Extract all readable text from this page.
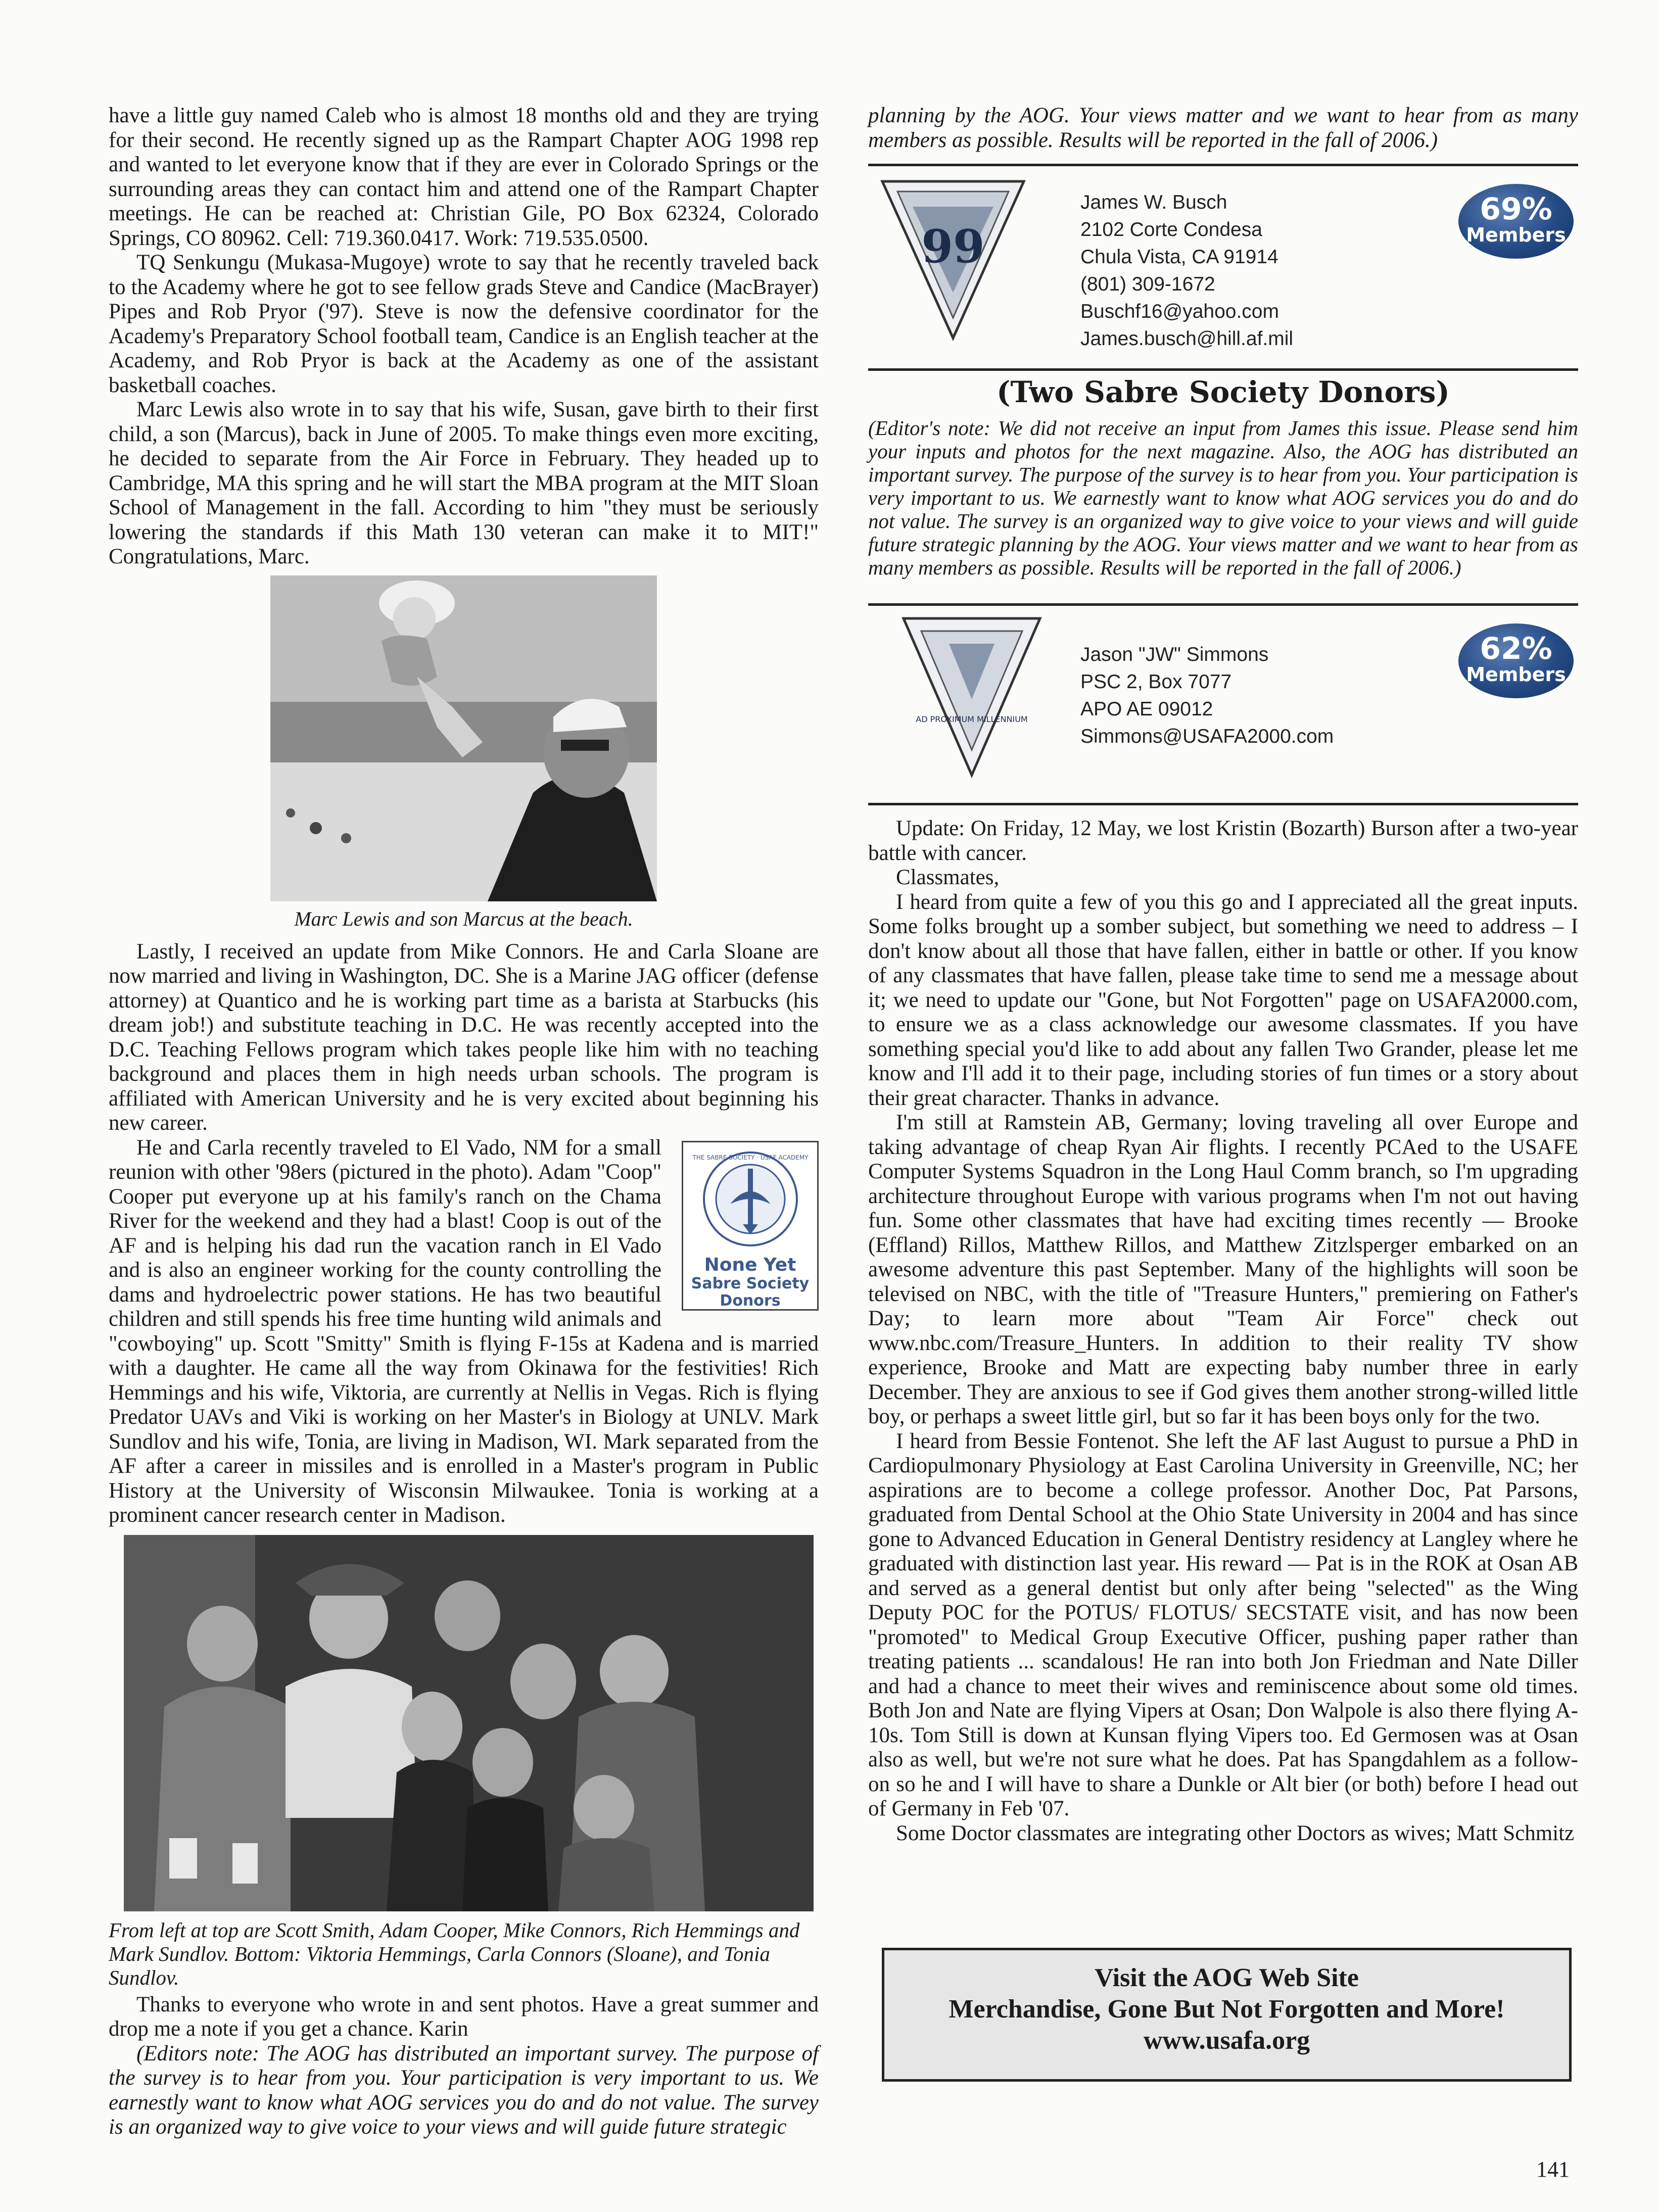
have a little guy named Caleb who is almost 18 months old and they are trying for their second. He recently signed up as the Rampart Chapter AOG 1998 rep and wanted to let everyone know that if they are ever in Colorado Springs or the surrounding areas they can contact him and attend one of the Rampart Chapter meetings. He can be reached at: Christian Gile, PO Box 62324, Colorado Springs, CO 80962. Cell: 719.360.0417. Work: 719.535.0500.

TQ Senkungu (Mukasa-Mugoye) wrote to say that he recently traveled back to the Academy where he got to see fellow grads Steve and Candice (MacBrayer) Pipes and Rob Pryor ('97). Steve is now the defensive coordinator for the Academy's Preparatory School football team, Candice is an English teacher at the Academy, and Rob Pryor is back at the Academy as one of the assistant basketball coaches.

Marc Lewis also wrote in to say that his wife, Susan, gave birth to their first child, a son (Marcus), back in June of 2005. To make things even more exciting, he decided to separate from the Air Force in February. They headed up to Cambridge, MA this spring and he will start the MBA program at the MIT Sloan School of Management in the fall. According to him "they must be seriously lowering the standards if this Math 130 veteran can make it to MIT!" Congratulations, Marc.

Marc Lewis and son Marcus at the beach.

Lastly, I received an update from Mike Connors. He and Carla Sloane are now married and living in Washington, DC. She is a Marine JAG officer (defense attorney) at Quantico and he is working part time as a barista at Starbucks (his dream job!) and substitute teaching in D.C. He was recently accepted into the D.C. Teaching Fellows program which takes people like him with no teaching background and places them in high needs urban schools. The program is affiliated with American University and he is very excited about beginning his new career.

THE SABRE SOCIETY · USAF ACADEMY
None Yet
Sabre Society
Donors

He and Carla recently traveled to El Vado, NM for a small reunion with other '98ers (pictured in the photo). Adam "Coop" Cooper put everyone up at his family's ranch on the Chama River for the weekend and they had a blast! Coop is out of the AF and is helping his dad run the vacation ranch in El Vado and is also an engineer working for the county controlling the dams and hydroelectric power stations. He has two beautiful children and still spends his free time hunting wild animals and "cowboying" up. Scott "Smitty" Smith is flying F-15s at Kadena and is married with a daughter. He came all the way from Okinawa for the festivities! Rich Hemmings and his wife, Viktoria, are currently at Nellis in Vegas. Rich is flying Predator UAVs and Viki is working on her Master's in Biology at UNLV. Mark Sundlov and his wife, Tonia, are living in Madison, WI. Mark separated from the AF after a career in missiles and is enrolled in a Master's program in Public History at the University of Wisconsin Milwaukee. Tonia is working at a prominent cancer research center in Madison.

From left at top are Scott Smith, Adam Cooper, Mike Connors, Rich Hemmings and Mark Sundlov. Bottom: Viktoria Hemmings, Carla Connors (Sloane), and Tonia Sundlov.

Thanks to everyone who wrote in and sent photos. Have a great summer and drop me a note if you get a chance. Karin

(Editors note: The AOG has distributed an important survey. The purpose of the survey is to hear from you. Your participation is very important to us. We earnestly want to know what AOG services you do and do not value. The survey is an organized way to give voice to your views and will guide future strategic

planning by the AOG. Your views matter and we want to hear from as many members as possible. Results will be reported in the fall of 2006.)
99
James W. Busch
2102 Corte Condesa
Chula Vista, CA 91914
(801) 309-1672
Buschf16@yahoo.com
James.busch@hill.af.mil
69%
Members
(Two Sabre Society Donors)
(Editor's note: We did not receive an input from James this issue. Please send him your inputs and photos for the next magazine. Also, the AOG has distributed an important survey. The purpose of the survey is to hear from you. Your participation is very important to us. We earnestly want to know what AOG services you do and do not value. The survey is an organized way to give voice to your views and will guide future strategic planning by the AOG. Your views matter and we want to hear from as many members as possible. Results will be reported in the fall of 2006.)
AD PROXIMUM MILLENNIUM
Jason "JW" Simmons
PSC 2, Box 7077
APO AE 09012
Simmons@USAFA2000.com
62%
Members

Update: On Friday, 12 May, we lost Kristin (Bozarth) Burson after a two-year battle with cancer.

Classmates,

I heard from quite a few of you this go and I appreciated all the great inputs. Some folks brought up a somber subject, but something we need to address – I don't know about all those that have fallen, either in battle or other. If you know of any classmates that have fallen, please take time to send me a message about it; we need to update our "Gone, but Not Forgotten" page on USAFA2000.com, to ensure we as a class acknowledge our awesome classmates. If you have something special you'd like to add about any fallen Two Grander, please let me know and I'll add it to their page, including stories of fun times or a story about their great character. Thanks in advance.

I'm still at Ramstein AB, Germany; loving traveling all over Europe and taking advantage of cheap Ryan Air flights. I recently PCAed to the USAFE Computer Systems Squadron in the Long Haul Comm branch, so I'm upgrading architecture throughout Europe with various programs when I'm not out having fun. Some other classmates that have had exciting times recently — Brooke (Effland) Rillos, Matthew Rillos, and Matthew Zitzlsperger embarked on an awesome adventure this past September. Many of the highlights will soon be televised on NBC, with the title of "Treasure Hunters," premiering on Father's Day; to learn more about "Team Air Force" check out www.nbc.com/Treasure_Hunters. In addition to their reality TV show experience, Brooke and Matt are expecting baby number three in early December. They are anxious to see if God gives them another strong-willed little boy, or perhaps a sweet little girl, but so far it has been boys only for the two.

I heard from Bessie Fontenot. She left the AF last August to pursue a PhD in Cardiopulmonary Physiology at East Carolina University in Greenville, NC; her aspirations are to become a college professor. Another Doc, Pat Parsons, graduated from Dental School at the Ohio State University in 2004 and has since gone to Advanced Education in General Dentistry residency at Langley where he graduated with distinction last year. His reward — Pat is in the ROK at Osan AB and served as a general dentist but only after being "selected" as the Wing Deputy POC for the POTUS/ FLOTUS/ SECSTATE visit, and has now been "promoted" to Medical Group Executive Officer, pushing paper rather than treating patients ... scandalous! He ran into both Jon Friedman and Nate Diller and had a chance to meet their wives and reminiscence about some old times. Both Jon and Nate are flying Vipers at Osan; Don Walpole is also there flying A-10s. Tom Still is down at Kunsan flying Vipers too. Ed Germosen was at Osan also as well, but we're not sure what he does. Pat has Spangdahlem as a follow-on so he and I will have to share a Dunkle or Alt bier (or both) before I head out of Germany in Feb '07.

Some Doctor classmates are integrating other Doctors as wives; Matt Schmitz

Visit the AOG Web Site
Merchandise, Gone But Not Forgotten and More!
www.usafa.org
141
